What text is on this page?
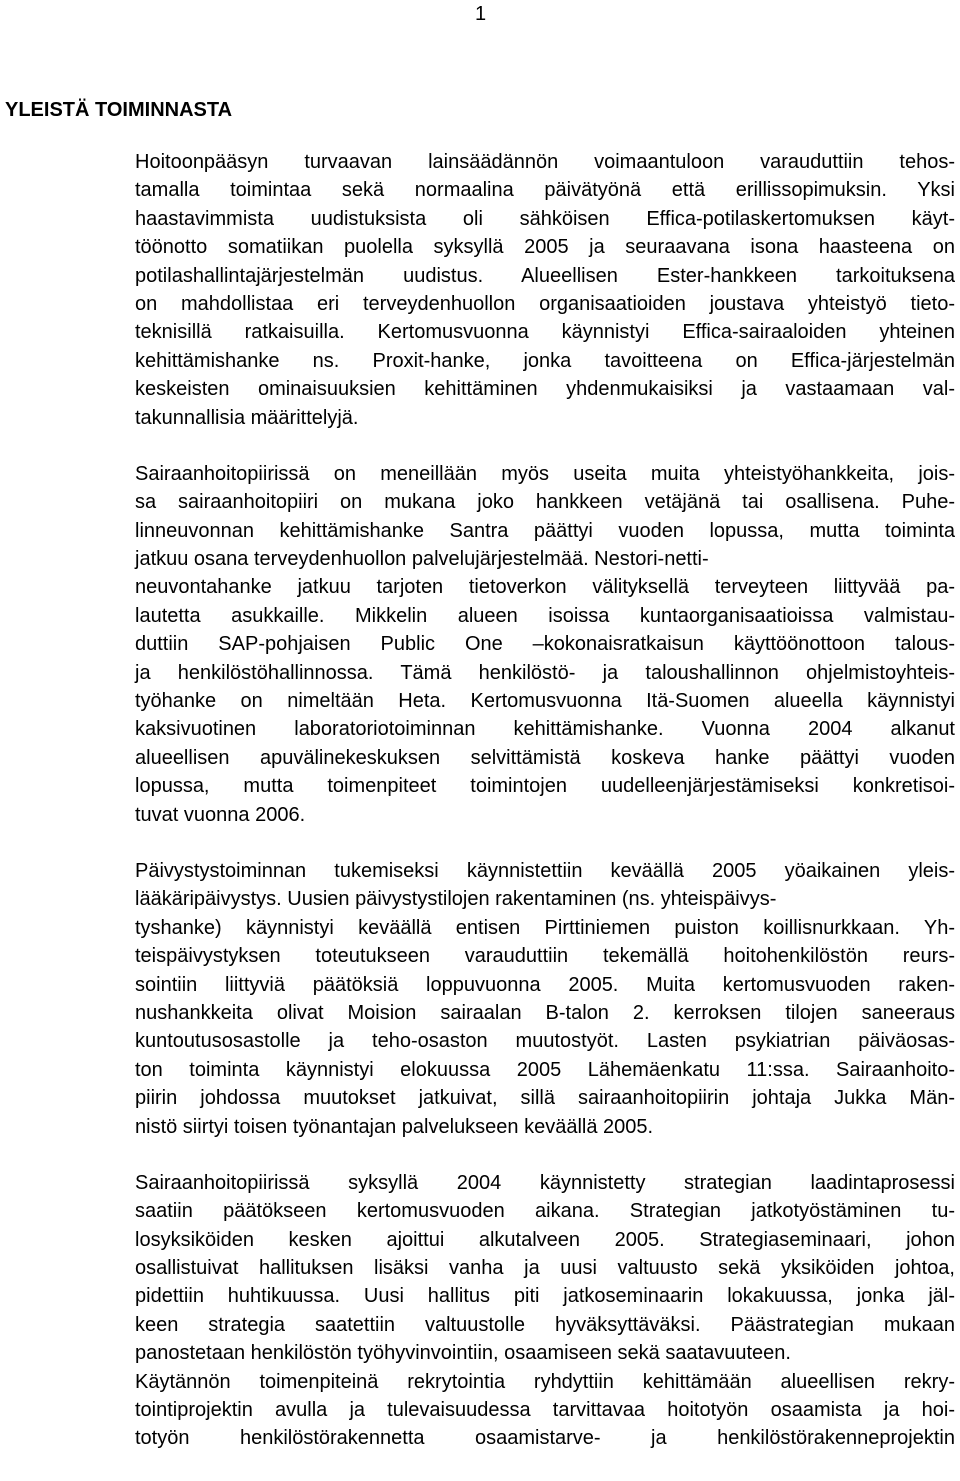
1
YLEISTÄ TOIMINNASTA

Hoitoonpääsyn turvaavan lainsäädännön voimaantuloon varauduttiin tehos-
tamalla toimintaa sekä normaalina päivätyönä että erillissopimuksin. Yksi
haastavimmista uudistuksista oli sähköisen Effica-potilaskertomuksen käyt-
töönotto somatiikan puolella syksyllä 2005 ja seuraavana isona haasteena on
potilashallintajärjestelmän uudistus. Alueellisen Ester-hankkeen tarkoituksena
on mahdollistaa eri terveydenhuollon organisaatioiden joustava yhteistyö tieto-
teknisillä ratkaisuilla. Kertomusvuonna käynnistyi Effica-sairaaloiden yhteinen
kehittämishanke ns. Proxit-hanke, jonka tavoitteena on Effica-järjestelmän
keskeisten ominaisuuksien kehittäminen yhdenmukaisiksi ja vastaamaan val-
takunnallisia määrittelyjä.

Sairaanhoitopiirissä on meneillään myös useita muita yhteistyöhankkeita, jois-
sa sairaanhoitopiiri on mukana joko hankkeen vetäjänä tai osallisena. Puhe-
linneuvonnan kehittämishanke Santra päättyi vuoden lopussa, mutta toiminta
jatkuu osana terveydenhuollon palvelujärjestelmää. Nestori-netti-
neuvontahanke jatkuu tarjoten tietoverkon välityksellä terveyteen liittyvää pa-
lautetta asukkaille. Mikkelin alueen isoissa kuntaorganisaatioissa valmistau-
duttiin SAP-pohjaisen Public One –kokonaisratkaisun käyttöönottoon talous-
ja henkilöstöhallinnossa. Tämä henkilöstö- ja taloushallinnon ohjelmistoyhteis-
työhanke on nimeltään Heta. Kertomusvuonna Itä-Suomen alueella käynnistyi
kaksivuotinen laboratoriotoiminnan kehittämishanke. Vuonna 2004 alkanut
alueellisen apuvälinekeskuksen selvittämistä koskeva hanke päättyi vuoden
lopussa, mutta toimenpiteet toimintojen uudelleenjärjestämiseksi konkretisoi-
tuvat vuonna 2006.

Päivystystoiminnan tukemiseksi käynnistettiin keväällä 2005 yöaikainen yleis-
lääkäripäivystys. Uusien päivystystilojen rakentaminen (ns. yhteispäivys-
tyshanke) käynnistyi keväällä entisen Pirttiniemen puiston koillisnurkkaan. Yh-
teispäivystyksen toteutukseen varauduttiin tekemällä hoitohenkilöstön reurs-
sointiin liittyviä päätöksiä loppuvuonna 2005. Muita kertomusvuoden raken-
nushankkeita olivat Moision sairaalan B-talon 2. kerroksen tilojen saneeraus
kuntoutusosastolle ja teho-osaston muutostyöt. Lasten psykiatrian päiväosas-
ton toiminta käynnistyi elokuussa 2005 Lähemäenkatu 11:ssa. Sairaanhoito-
piirin johdossa muutokset jatkuivat, sillä sairaanhoitopiirin johtaja Jukka Män-
nistö siirtyi toisen työnantajan palvelukseen keväällä 2005.

Sairaanhoitopiirissä syksyllä 2004 käynnistetty strategian laadintaprosessi
saatiin päätökseen kertomusvuoden aikana. Strategian jatkotyöstäminen tu-
losyksiköiden kesken ajoittui alkutalveen 2005. Strategiaseminaari, johon
osallistuivat hallituksen lisäksi vanha ja uusi valtuusto sekä yksiköiden johtoa,
pidettiin huhtikuussa. Uusi hallitus piti jatkoseminaarin lokakuussa, jonka jäl-
keen strategia saatettiin valtuustolle hyväksyttäväksi. Päästrategian mukaan
panostetaan henkilöstön työhyvinvointiin, osaamiseen sekä saatavuuteen.
Käytännön toimenpiteinä rekrytointia ryhdyttiin kehittämään alueellisen rekry-
tointiprojektin avulla ja tulevaisuudessa tarvittavaa hoitotyön osaamista ja hoi-
totyön henkilöstörakennetta osaamistarve- ja henkilöstörakenneprojektin
